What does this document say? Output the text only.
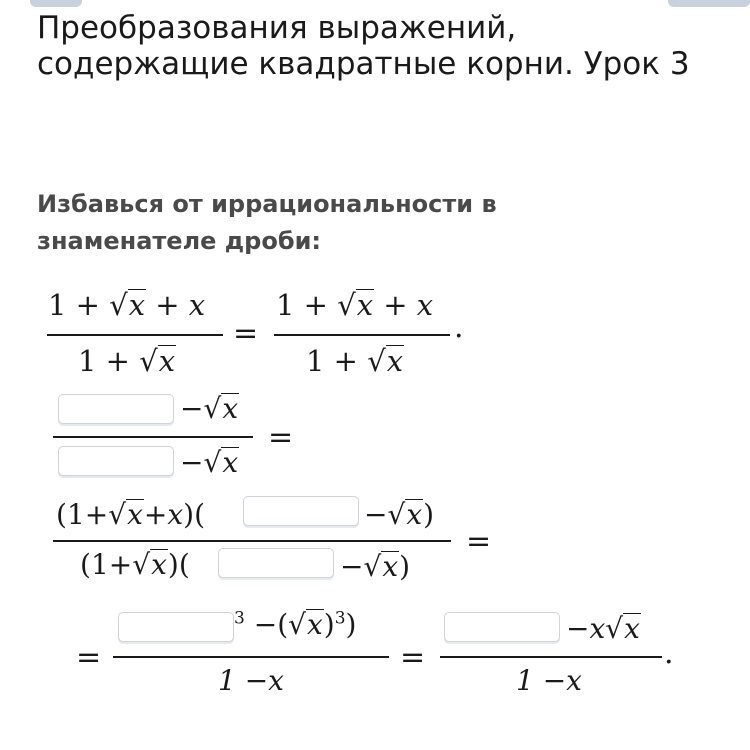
Преобразования выражений, содержащие квадратные корни. Урок 3

Избавься от иррациональности в знаменателе дроби:

1 + √x + x
1 + √x
=
1 + √x + x
1 + √x
.
−√x
−√x
=
(1+√x+x)(	−√x)
(1+√x)(	−√x)
=
=
$^3 -(√x)^3$)
1 −x
=
−x√x
1 −x
.
